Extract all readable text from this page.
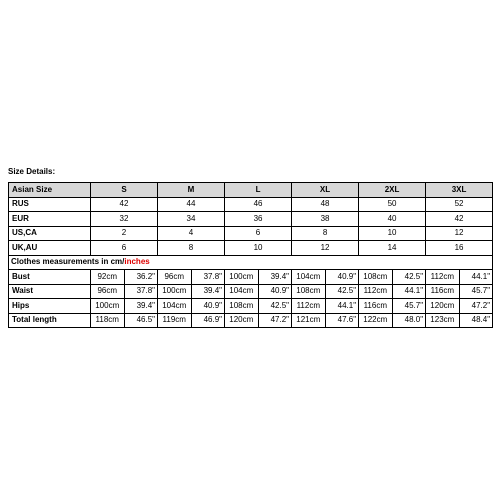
Size Details:
Asian Size	S		M		L		XL		2XL		3XL	
RUS	42		44		46		48		50		52	
EUR	32		34		36		38		40		42	
US,CA	2		4		6		8		10		12	
UK,AU	6		8		10		12		14		16	
Clothes measurements in cm/inches												
Bust	92cm	36.2"	96cm	37.8"	100cm	39.4"	104cm	40.9"	108cm	42.5"	112cm	44.1"
Waist	96cm	37.8"	100cm	39.4"	104cm	40.9"	108cm	42.5"	112cm	44.1"	116cm	45.7"
Hips	100cm	39.4"	104cm	40.9"	108cm	42.5"	112cm	44.1"	116cm	45.7"	120cm	47.2"
Total length	118cm	46.5"	119cm	46.9"	120cm	47.2"	121cm	47.6"	122cm	48.0"	123cm	48.4"
